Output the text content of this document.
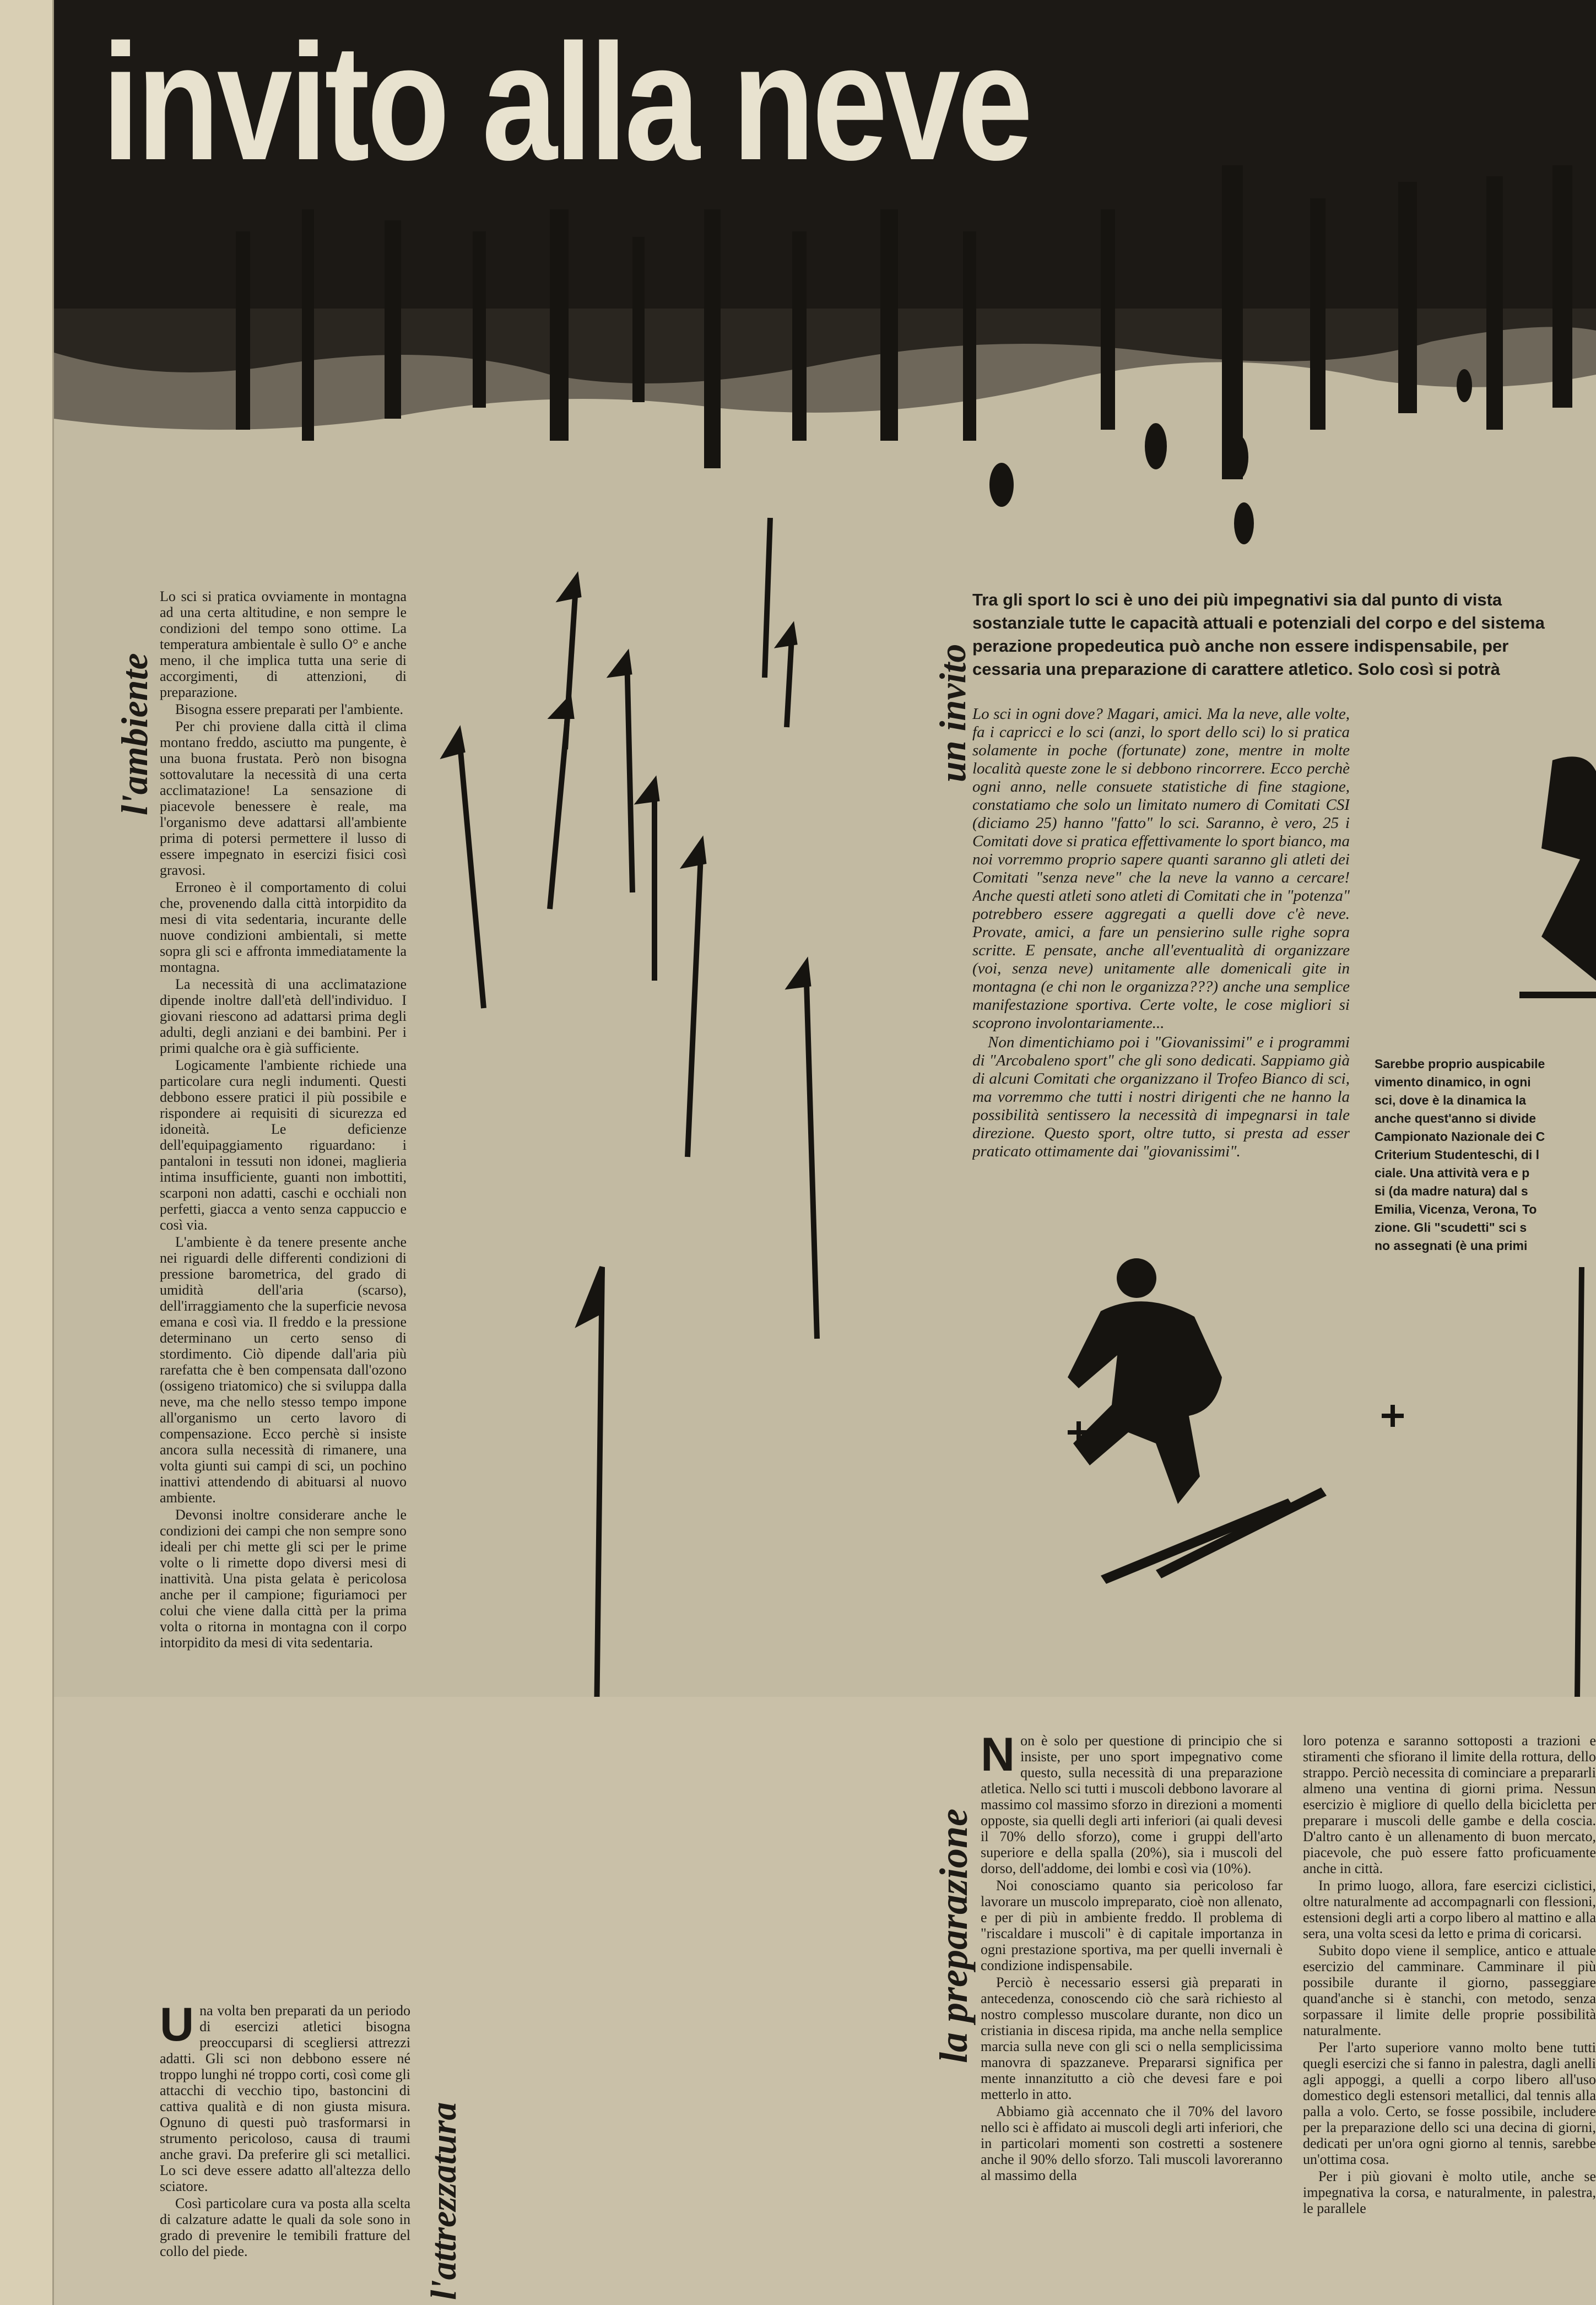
invito alla neve
l'ambiente	un invito
la preparazione
l'attrezzatura

Lo sci si pratica ovviamente in montagna ad una certa altitudine, e non sempre le condizioni del tempo sono ottime. La temperatura ambientale è sullo O° e anche meno, il che implica tutta una serie di accorgimenti, di attenzioni, di preparazione.

Bisogna essere preparati per l'ambiente.

Per chi proviene dalla città il clima montano freddo, asciutto ma pungente, è una buona frustata. Però non bisogna sottovalutare la necessità di una certa acclimatazione! La sensazione di piacevole benessere è reale, ma l'organismo deve adattarsi all'ambiente prima di potersi permettere il lusso di essere impegnato in esercizi fisici così gravosi.

Erroneo è il comportamento di colui che, provenendo dalla città intorpidito da mesi di vita sedentaria, incurante delle nuove condizioni ambientali, si mette sopra gli sci e affronta immediatamente la montagna.

La necessità di una acclimatazione dipende inoltre dall'età dell'individuo. I giovani riescono ad adattarsi prima degli adulti, degli anziani e dei bambini. Per i primi qualche ora è già sufficiente.

Logicamente l'ambiente richiede una particolare cura negli indumenti. Questi debbono essere pratici il più possibile e rispondere ai requisiti di sicurezza ed idoneità. Le deficienze dell'equipaggiamento riguardano: i pantaloni in tessuti non idonei, maglieria intima insufficiente, guanti non imbottiti, scarponi non adatti, caschi e occhiali non perfetti, giacca a vento senza cappuccio e così via.

L'ambiente è da tenere presente anche nei riguardi delle differenti condizioni di pressione barometrica, del grado di umidità dell'aria (scarso), dell'irraggiamento che la superficie nevosa emana e così via. Il freddo e la pressione determinano un certo senso di stordimento. Ciò dipende dall'aria più rarefatta che è ben compensata dall'ozono (ossigeno triatomico) che si sviluppa dalla neve, ma che nello stesso tempo impone all'organismo un certo lavoro di compensazione. Ecco perchè si insiste ancora sulla necessità di rimanere, una volta giunti sui campi di sci, un pochino inattivi attendendo di abituarsi al nuovo ambiente.

Devonsi inoltre considerare anche le condizioni dei campi che non sempre sono ideali per chi mette gli sci per le prime volte o li rimette dopo diversi mesi di inattività. Una pista gelata è pericolosa anche per il campione; figuriamoci per colui che viene dalla città per la prima volta o ritorna in montagna con il corpo intorpidito da mesi di vita sedentaria.

Tra gli sport lo sci è uno dei più impegnativi sia dal punto di vista
sostanziale tutte le capacità attuali e potenziali del corpo e del sistema
perazione propedeutica può anche non essere indispensabile, per
cessaria una preparazione di carattere atletico. Solo così si potrà

Lo sci in ogni dove? Magari, amici. Ma la neve, alle volte, fa i capricci e lo sci (anzi, lo sport dello sci) lo si pratica solamente in poche (fortunate) zone, mentre in molte località queste zone le si debbono rincorrere. Ecco perchè ogni anno, nelle consuete statistiche di fine stagione, constatiamo che solo un limitato numero di Comitati CSI (diciamo 25) hanno "fatto" lo sci. Saranno, è vero, 25 i Comitati dove si pratica effettivamente lo sport bianco, ma noi vorremmo proprio sapere quanti saranno gli atleti dei Comitati "senza neve" che la neve la vanno a cercare! Anche questi atleti sono atleti di Comitati che in "potenza" potrebbero essere aggregati a quelli dove c'è neve. Provate, amici, a fare un pensierino sulle righe sopra scritte. E pensate, anche all'eventualità di organizzare (voi, senza neve) unitamente alle domenicali gite in montagna (e chi non le organizza???) anche una semplice manifestazione sportiva. Certe volte, le cose migliori si scoprono involontariamente...

Non dimentichiamo poi i "Giovanissimi" e i programmi di "Arcobaleno sport" che gli sono dedicati. Sappiamo già di alcuni Comitati che organizzano il Trofeo Bianco di sci, ma vorremmo che tutti i nostri dirigenti che ne hanno la possibilità sentissero la necessità di impegnarsi in tale direzione. Questo sport, oltre tutto, si presta ad esser praticato ottimamente dai "giovanissimi".

Sarebbe proprio auspicabile
vimento dinamico, in ogni
sci, dove è la dinamica la
anche quest'anno si divide
Campionato Nazionale dei C
Criterium Studenteschi, di l
ciale. Una attività vera e p
si (da madre natura) dal s
Emilia, Vicenza, Verona, To
zione. Gli "scudetti" sci s
no assegnati (è una primi

Una volta ben preparati da un periodo di esercizi atletici bisogna preoccuparsi di scegliersi attrezzi adatti. Gli sci non debbono essere né troppo lunghi né troppo corti, così come gli attacchi di vecchio tipo, bastoncini di cattiva qualità e di non giusta misura. Ognuno di questi può trasformarsi in strumento pericoloso, causa di traumi anche gravi. Da preferire gli sci metallici. Lo sci deve essere adatto all'altezza dello sciatore.

Così particolare cura va posta alla scelta di calzature adatte le quali da sole sono in grado di prevenire le temibili fratture del collo del piede.

Non è solo per questione di principio che si insiste, per uno sport impegnativo come questo, sulla necessità di una preparazione atletica. Nello sci tutti i muscoli debbono lavorare al massimo col massimo sforzo in direzioni a momenti opposte, sia quelli degli arti inferiori (ai quali devesi il 70% dello sforzo), come i gruppi dell'arto superiore e della spalla (20%), sia i muscoli del dorso, dell'addome, dei lombi e così via (10%).

Noi conosciamo quanto sia pericoloso far lavorare un muscolo impreparato, cioè non allenato, e per di più in ambiente freddo. Il problema di "riscaldare i muscoli" è di capitale importanza in ogni prestazione sportiva, ma per quelli invernali è condizione indispensabile.

Perciò è necessario essersi già preparati in antecedenza, conoscendo ciò che sarà richiesto al nostro complesso muscolare durante, non dico un cristiania in discesa ripida, ma anche nella semplice marcia sulla neve con gli sci o nella semplicissima manovra di spazzaneve. Prepararsi significa per mente innanzitutto a ciò che devesi fare e poi metterlo in atto.

Abbiamo già accennato che il 70% del lavoro nello sci è affidato ai muscoli degli arti inferiori, che in particolari momenti son costretti a sostenere anche il 90% dello sforzo. Tali muscoli lavoreranno al massimo della

loro potenza e saranno sottoposti a trazioni e stiramenti che sfiorano il limite della rottura, dello strappo. Perciò necessita di cominciare a prepararli almeno una ventina di giorni prima. Nessun esercizio è migliore di quello della bicicletta per preparare i muscoli delle gambe e della coscia. D'altro canto è un allenamento di buon mercato, piacevole, che può essere fatto proficuamente anche in città.

In primo luogo, allora, fare esercizi ciclistici, oltre naturalmente ad accompagnarli con flessioni, estensioni degli arti a corpo libero al mattino e alla sera, una volta scesi da letto e prima di coricarsi.

Subito dopo viene il semplice, antico e attuale esercizio del camminare. Camminare il più possibile durante il giorno, passeggiare quand'anche si è stanchi, con metodo, senza sorpassare il limite delle proprie possibilità naturalmente.

Per l'arto superiore vanno molto bene tutti quegli esercizi che si fanno in palestra, dagli anelli agli appoggi, a quelli a corpo libero all'uso domestico degli estensori metallici, dal tennis alla palla a volo. Certo, se fosse possibile, includere per la preparazione dello sci una decina di giorni, dedicati per un'ora ogni giorno al tennis, sarebbe un'ottima cosa.

Per i più giovani è molto utile, anche se impegnativa la corsa, e naturalmente, in palestra, le parallele
